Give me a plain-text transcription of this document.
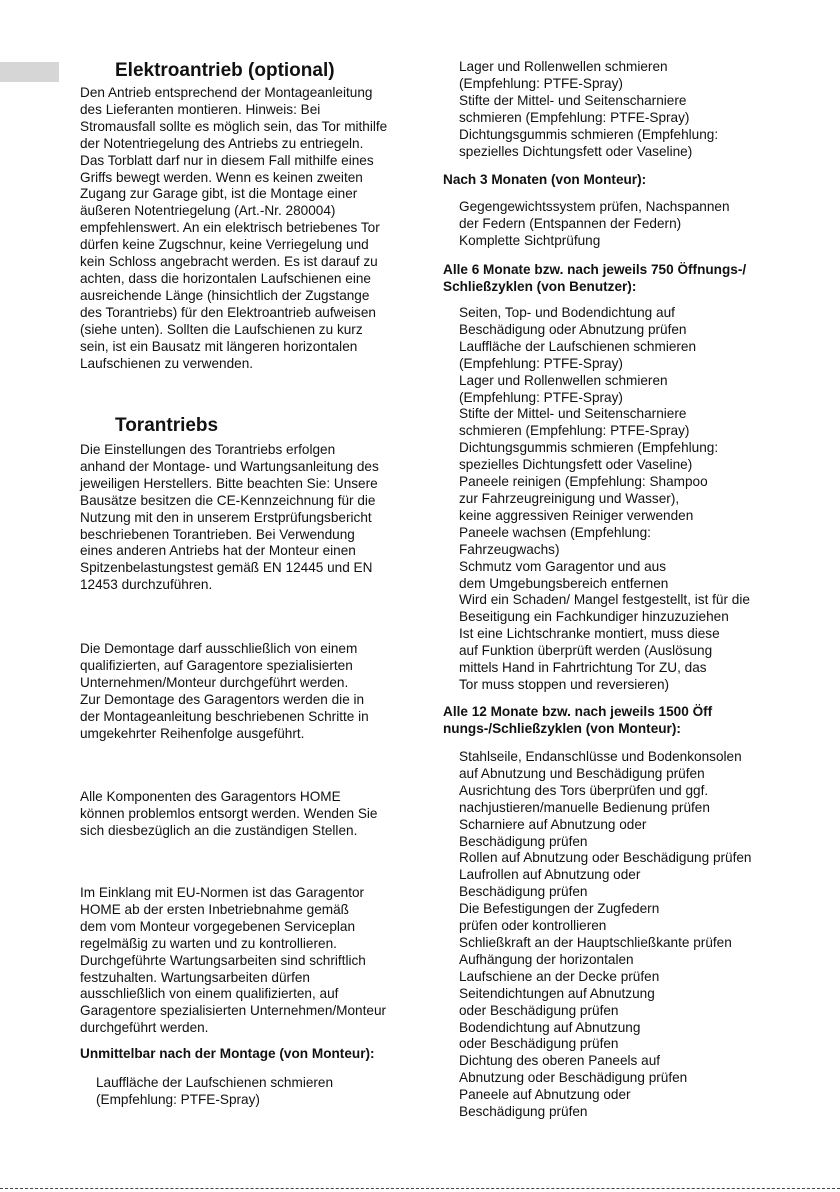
Elektroantrieb (optional)
Den Antrieb entsprechend der Montageanleitung
des Lieferanten montieren. Hinweis: Bei
Stromausfall sollte es möglich sein, das Tor mithilfe
der Notentriegelung des Antriebs zu entriegeln.
Das Torblatt darf nur in diesem Fall mithilfe eines
Griffs bewegt werden. Wenn es keinen zweiten
Zugang zur Garage gibt, ist die Montage einer
äußeren Notentriegelung (Art.-Nr. 280004)
empfehlenswert. An ein elektrisch betriebenes Tor
dürfen keine Zugschnur, keine Verriegelung und
kein Schloss angebracht werden. Es ist darauf zu
achten, dass die horizontalen Laufschienen eine
ausreichende Länge (hinsichtlich der Zugstange
des Torantriebs) für den Elektroantrieb aufweisen
(siehe unten). Sollten die Laufschienen zu kurz
sein, ist ein Bausatz mit längeren horizontalen
Laufschienen zu verwenden.
Torantriebs
Die Einstellungen des Torantriebs erfolgen
anhand der Montage- und Wartungsanleitung des
jeweiligen Herstellers. Bitte beachten Sie: Unsere
Bausätze besitzen die CE-Kennzeichnung für die
Nutzung mit den in unserem Erstprüfungsbericht
beschriebenen Torantrieben. Bei Verwendung
eines anderen Antriebs hat der Monteur einen
Spitzenbelastungstest gemäß EN 12445 und EN
12453 durchzuführen.
Die Demontage darf ausschließlich von einem
qualifizierten, auf Garagentore spezialisierten
Unternehmen/Monteur durchgeführt werden.
Zur Demontage des Garagentors werden die in
der Montageanleitung beschriebenen Schritte in
umgekehrter Reihenfolge ausgeführt.
Alle Komponenten des Garagentors HOME
können problemlos entsorgt werden. Wenden Sie
sich diesbezüglich an die zuständigen Stellen.
Im Einklang mit EU-Normen ist das Garagentor
HOME ab der ersten Inbetriebnahme gemäß
dem vom Monteur vorgegebenen Serviceplan
regelmäßig zu warten und zu kontrollieren.
Durchgeführte Wartungsarbeiten sind schriftlich
festzuhalten. Wartungsarbeiten dürfen
ausschließlich von einem qualifizierten, auf
Garagentore spezialisierten Unternehmen/Monteur
durchgeführt werden.
Unmittelbar nach der Montage (von Monteur):
Lauffläche der Laufschienen schmieren
(Empfehlung: PTFE-Spray)
Lager und Rollenwellen schmieren
(Empfehlung: PTFE-Spray)
Stifte der Mittel- und Seitenscharniere
schmieren (Empfehlung: PTFE-Spray)
Dichtungsgummis schmieren (Empfehlung:
spezielles Dichtungsfett oder Vaseline)
Nach 3 Monaten (von Monteur):
Gegengewichtssystem prüfen, Nachspannen
der Federn (Entspannen der Federn)
Komplette Sichtprüfung
Alle 6 Monate bzw. nach jeweils 750 Öffnungs-/
Schließzyklen (von Benutzer):
Seiten, Top- und Bodendichtung auf
Beschädigung oder Abnutzung prüfen
Lauffläche der Laufschienen schmieren
(Empfehlung: PTFE-Spray)
Lager und Rollenwellen schmieren
(Empfehlung: PTFE-Spray)
Stifte der Mittel- und Seitenscharniere
schmieren (Empfehlung: PTFE-Spray)
Dichtungsgummis schmieren (Empfehlung:
spezielles Dichtungsfett oder Vaseline)
Paneele reinigen (Empfehlung: Shampoo
zur Fahrzeugreinigung und Wasser),
keine aggressiven Reiniger verwenden
Paneele wachsen (Empfehlung:
Fahrzeugwachs)
Schmutz vom Garagentor und aus
dem Umgebungsbereich entfernen
Wird ein Schaden/ Mangel festgestellt, ist für die
Beseitigung ein Fachkundiger hinzuzuziehen
Ist eine Lichtschranke montiert, muss diese
auf Funktion überprüft werden (Auslösung
mittels Hand in Fahrtrichtung Tor ZU, das
Tor muss stoppen und reversieren)
Alle 12 Monate bzw. nach jeweils 1500 Öff
nungs-/Schließzyklen (von Monteur):
Stahlseile, Endanschlüsse und Bodenkonsolen
auf Abnutzung und Beschädigung prüfen
Ausrichtung des Tors überprüfen und ggf.
nachjustieren/manuelle Bedienung prüfen
Scharniere auf Abnutzung oder
Beschädigung prüfen
Rollen auf Abnutzung oder Beschädigung prüfen
Laufrollen auf Abnutzung oder
Beschädigung prüfen
Die Befestigungen der Zugfedern
prüfen oder kontrollieren
Schließkraft an der Hauptschließkante prüfen
Aufhängung der horizontalen
Laufschiene an der Decke prüfen
Seitendichtungen auf Abnutzung
oder Beschädigung prüfen
Bodendichtung auf Abnutzung
oder Beschädigung prüfen
Dichtung des oberen Paneels auf
Abnutzung oder Beschädigung prüfen
Paneele auf Abnutzung oder
Beschädigung prüfen
